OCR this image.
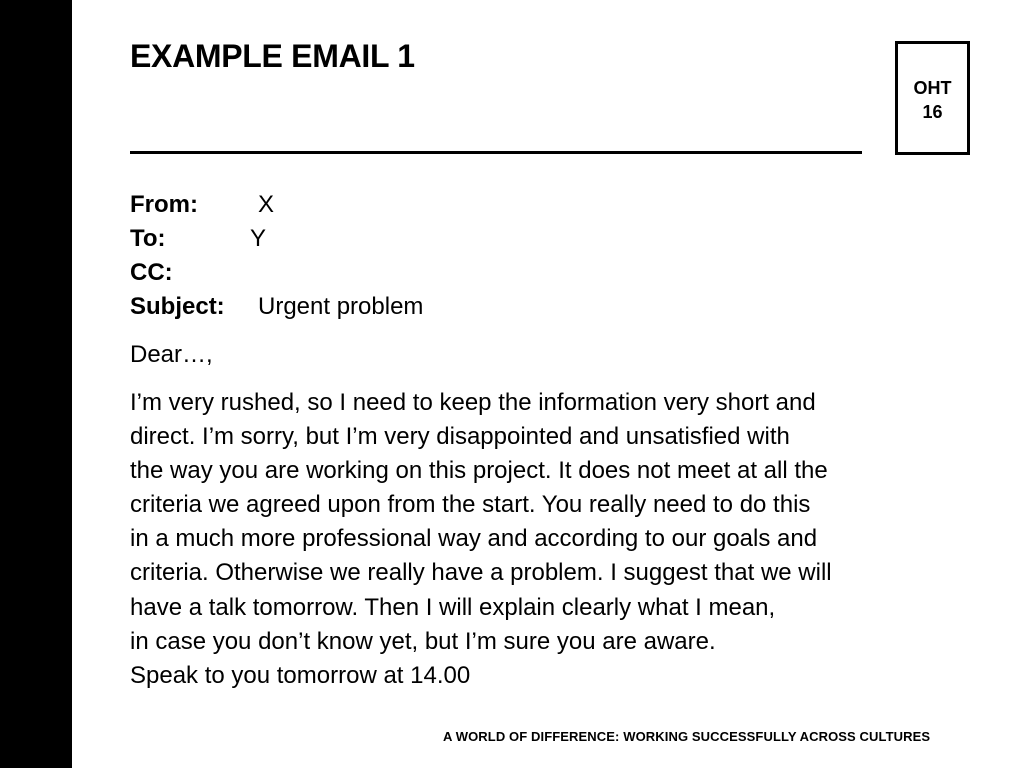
EXAMPLE EMAIL 1
OHT
16
From:	X
To:	Y
CC:
Subject: Urgent problem
Dear…,
I’m very rushed, so I need to keep the information very short and
direct. I’m sorry, but I’m very disappointed and unsatisfied with
the way you are working on this project. It does not meet at all the
criteria we agreed upon from the start. You really need to do this
in a much more professional way and according to our goals and
criteria. Otherwise we really have a problem. I suggest that we will
have a talk tomorrow. Then I will explain clearly what I mean,
in case you don’t know yet, but I’m sure you are aware.
Speak to you tomorrow at 14.00
A WORLD OF DIFFERENCE: WORKING SUCCESSFULLY ACROSS CULTURES
